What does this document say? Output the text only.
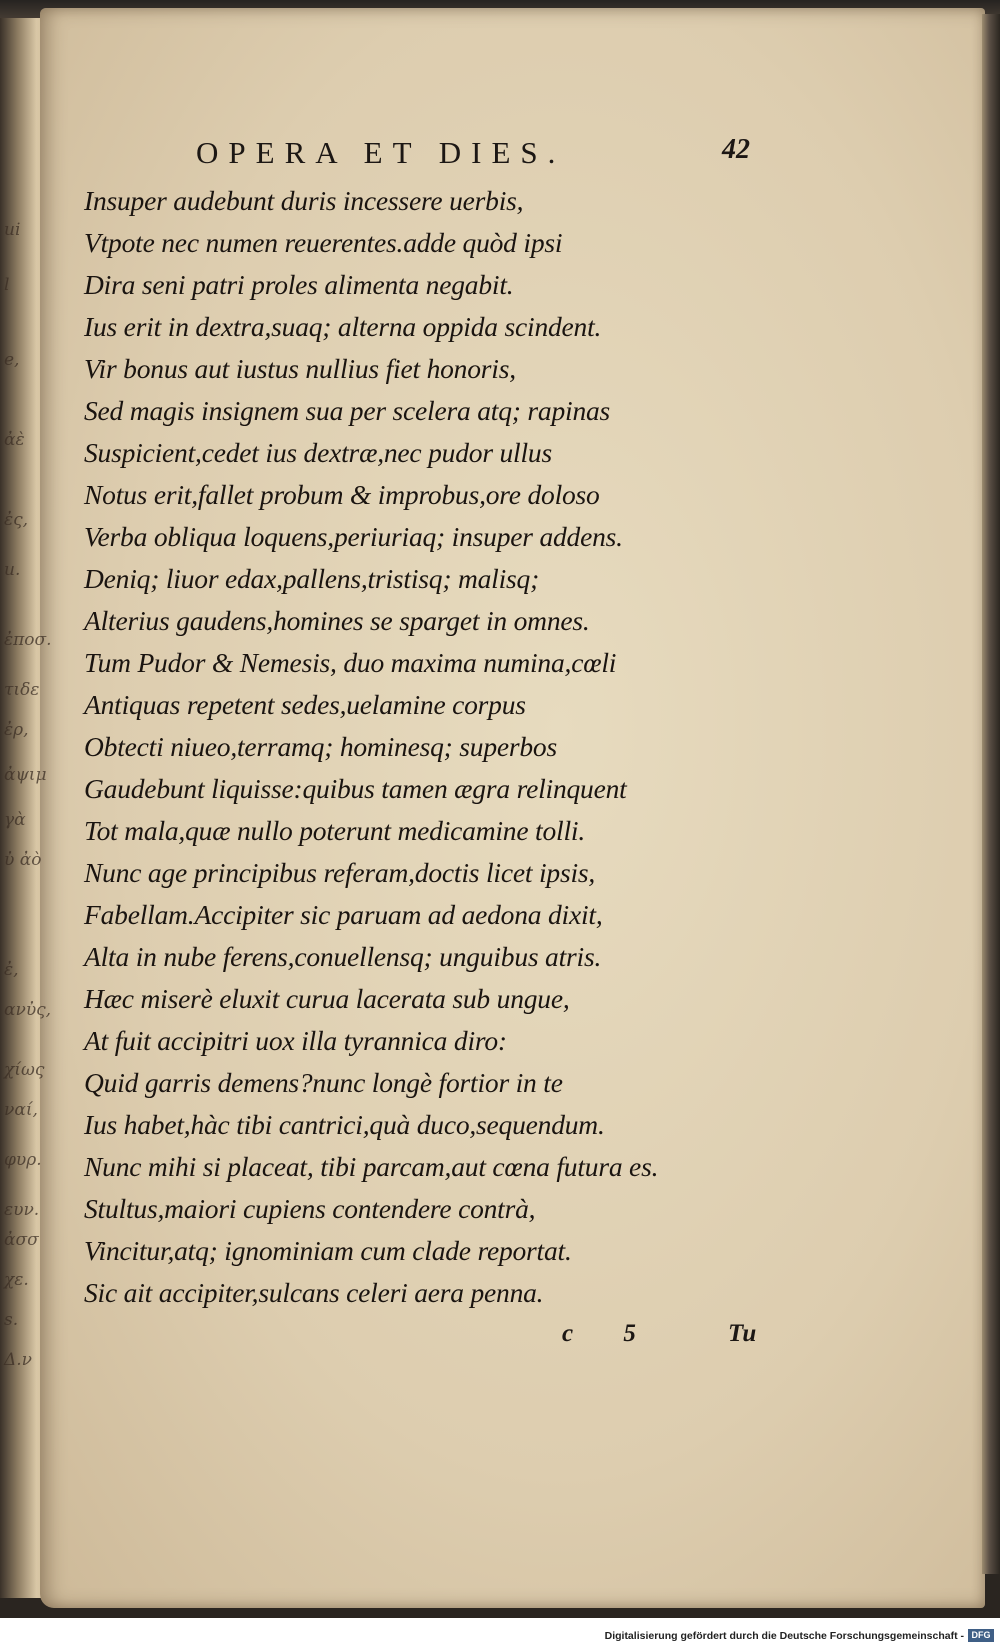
ui
l
e,
ἀὲ
ἐς,
u.
ἐποσ.
τιδε
ἐρ,
ἀψιμ
γὰ
ὐ ἀὸ
ἐ,
ανὐς,
χίως
ναί,
φυρ.
ευν.
ἀσσ
χε.
s.
Δ.ν
OPERA ET DIES.	42
Insuper audebunt duris incessere uerbis,
Vtpote nec numen reuerentes.adde quòd ipsi
Dira seni patri proles alimenta negabit.
Ius erit in dextra,suaq; alterna oppida scindent.
Vir bonus aut iustus nullius fiet honoris,
Sed magis insignem sua per scelera atq; rapinas
Suspicient,cedet ius dextræ,nec pudor ullus
Notus erit,fallet probum & improbus,ore doloso
Verba obliqua loquens,periuriaq; insuper addens.
Deniq; liuor edax,pallens,tristisq; malisq;
Alterius gaudens,homines se sparget in omnes.
Tum Pudor & Nemesis, duo maxima numina,cœli
Antiquas repetent sedes,uelamine corpus
Obtecti niueo,terramq; hominesq; superbos
Gaudebunt liquisse:quibus tamen ægra relinquent
Tot mala,quæ nullo poterunt medicamine tolli.
Nunc age principibus referam,doctis licet ipsis,
Fabellam.Accipiter sic paruam ad aedona dixit,
Alta in nube ferens,conuellensq; unguibus atris.
Hæc miserè eluxit curua lacerata sub ungue,
At fuit accipitri uox illa tyrannica diro:
Quid garris demens?nunc longè fortior in te
Ius habet,hàc tibi cantrici,quà duco,sequendum.
Nunc mihi si placeat, tibi parcam,aut cœna futura es.
Stultus,maiori cupiens contendere contrà,
Vincitur,atq; ignominiam cum clade reportat.
Sic ait accipiter,sulcans celeri aera penna.
c 5	Tu
Digitalisierung gefördert durch die Deutsche Forschungsgemeinschaft - DFG
